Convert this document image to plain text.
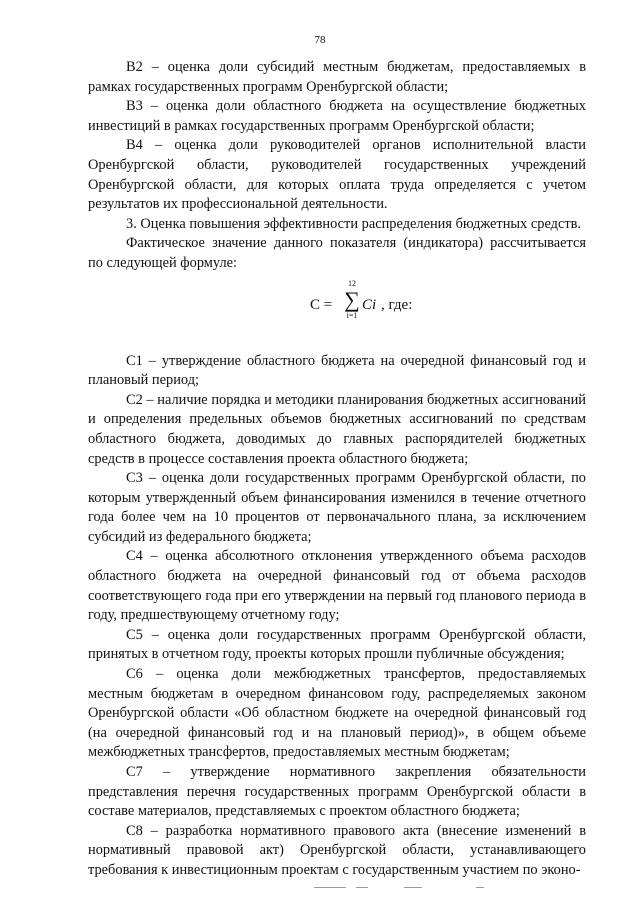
78

В2 – оценка доли субсидий местным бюджетам, предоставляемых в рамках государственных программ Оренбургской области;

В3 – оценка доли областного бюджета на осуществление бюджетных инвестиций в рамках государственных программ Оренбургской области;

В4 – оценка доли руководителей органов исполнительной власти Оренбургской области, руководителей государственных учреждений Оренбургской области, для которых оплата труда определяется с учетом результатов их профессиональной деятельности.

3. Оценка повышения эффективности распределения бюджетных средств.

Фактическое значение данного показателя (индикатора) рассчитывается по следующей формуле:

C =
12
∑
i=1
Ci , где:

С1 – утверждение областного бюджета на очередной финансовый год и плановый период;

С2 – наличие порядка и методики планирования бюджетных ассигнований и определения предельных объемов бюджетных ассигнований по средствам областного бюджета, доводимых до главных распорядителей бюджетных средств в процессе составления проекта областного бюджета;

С3 – оценка доли государственных программ Оренбургской области, по которым утвержденный объем финансирования изменился в течение отчетного года более чем на 10 процентов от первоначального плана, за исключением субсидий из федерального бюджета;

С4 – оценка абсолютного отклонения утвержденного объема расходов областного бюджета на очередной финансовый год от объема расходов соответствующего года при его утверждении на первый год планового периода в году, предшествующему отчетному году;

С5 – оценка доли государственных программ Оренбургской области, принятых в отчетном году, проекты которых прошли публичные обсуждения;

С6 – оценка доли межбюджетных трансфертов, предоставляемых местным бюджетам в очередном финансовом году, распределяемых законом Оренбургской области «Об областном бюджете на очередной финансовый год (на очередной финансовый год и на плановый период)», в общем объеме межбюджетных трансфертов, предоставляемых местным бюджетам;

С7 – утверждение нормативного закрепления обязательности представления перечня государственных программ Оренбургской области в составе материалов, представляемых с проектом областного бюджета;

С8 – разработка нормативного правового акта (внесение изменений в нормативный правовой акт) Оренбургской области, устанавливающего требования к инвестиционным проектам с государственным участием по эконо-
